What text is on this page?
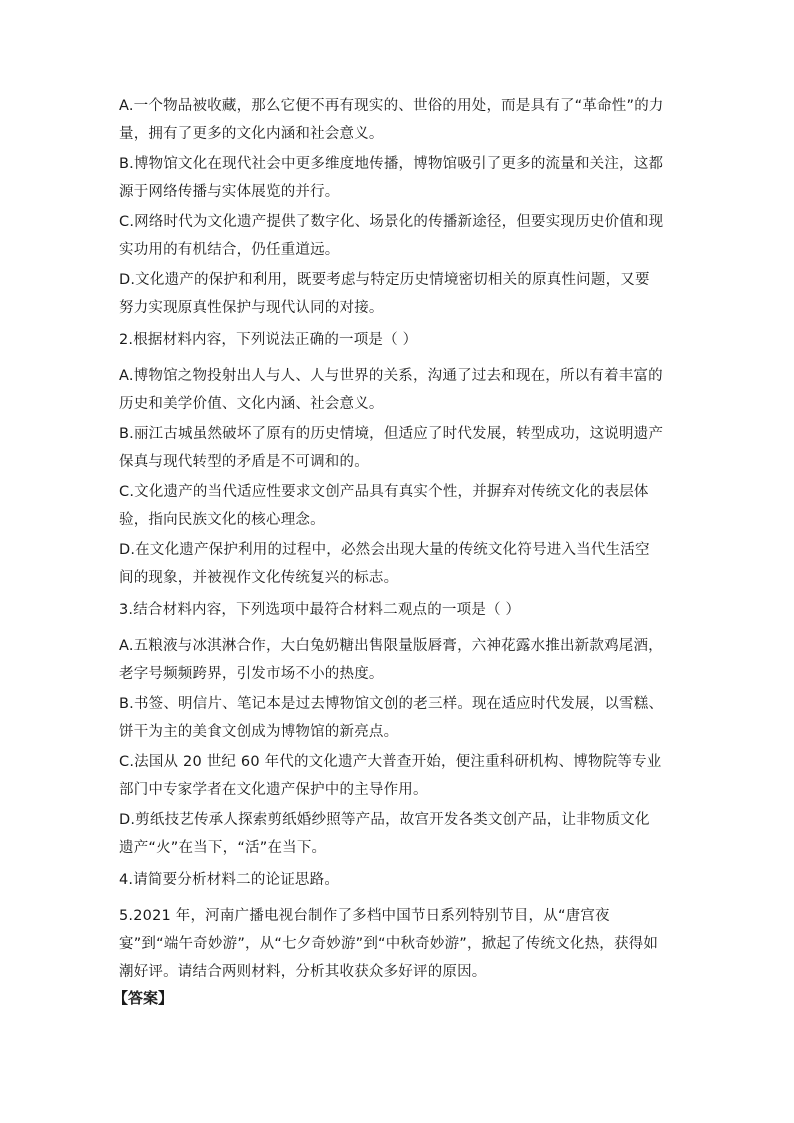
A.一个物品被收藏，那么它便不再有现实的、世俗的用处，而是具有了“革命性”的力量，拥有了更多的文化内涵和社会意义。

B.博物馆文化在现代社会中更多维度地传播，博物馆吸引了更多的流量和关注，这都源于网络传播与实体展览的并行。

C.网络时代为文化遗产提供了数字化、场景化的传播新途径，但要实现历史价值和现实功用的有机结合，仍任重道远。

D.文化遗产的保护和利用，既要考虑与特定历史情境密切相关的原真性问题，又要努力实现原真性保护与现代认同的对接。

2.根据材料内容，下列说法正确的一项是（ ）

A.博物馆之物投射出人与人、人与世界的关系，沟通了过去和现在，所以有着丰富的历史和美学价值、文化内涵、社会意义。

B.丽江古城虽然破坏了原有的历史情境，但适应了时代发展，转型成功，这说明遗产保真与现代转型的矛盾是不可调和的。

C.文化遗产的当代适应性要求文创产品具有真实个性，并摒弃对传统文化的表层体验，指向民族文化的核心理念。

D.在文化遗产保护利用的过程中，必然会出现大量的传统文化符号进入当代生活空间的现象，并被视作文化传统复兴的标志。

3.结合材料内容，下列选项中最符合材料二观点的一项是（ ）

A.五粮液与冰淇淋合作，大白兔奶糖出售限量版唇膏，六神花露水推出新款鸡尾酒，老字号频频跨界，引发市场不小的热度。

B.书签、明信片、笔记本是过去博物馆文创的老三样。现在适应时代发展，以雪糕、饼干为主的美食文创成为博物馆的新亮点。

C.法国从 20 世纪 60 年代的文化遗产大普查开始，便注重科研机构、博物院等专业部门中专家学者在文化遗产保护中的主导作用。

D.剪纸技艺传承人探索剪纸婚纱照等产品，故宫开发各类文创产品，让非物质文化遗产“火”在当下，“活”在当下。

4.请简要分析材料二的论证思路。

5.2021 年，河南广播电视台制作了多档中国节日系列特别节目，从“唐宫夜宴”到“端午奇妙游”，从“七夕奇妙游”到“中秋奇妙游”，掀起了传统文化热，获得如潮好评。请结合两则材料，分析其收获众多好评的原因。

【答案】
